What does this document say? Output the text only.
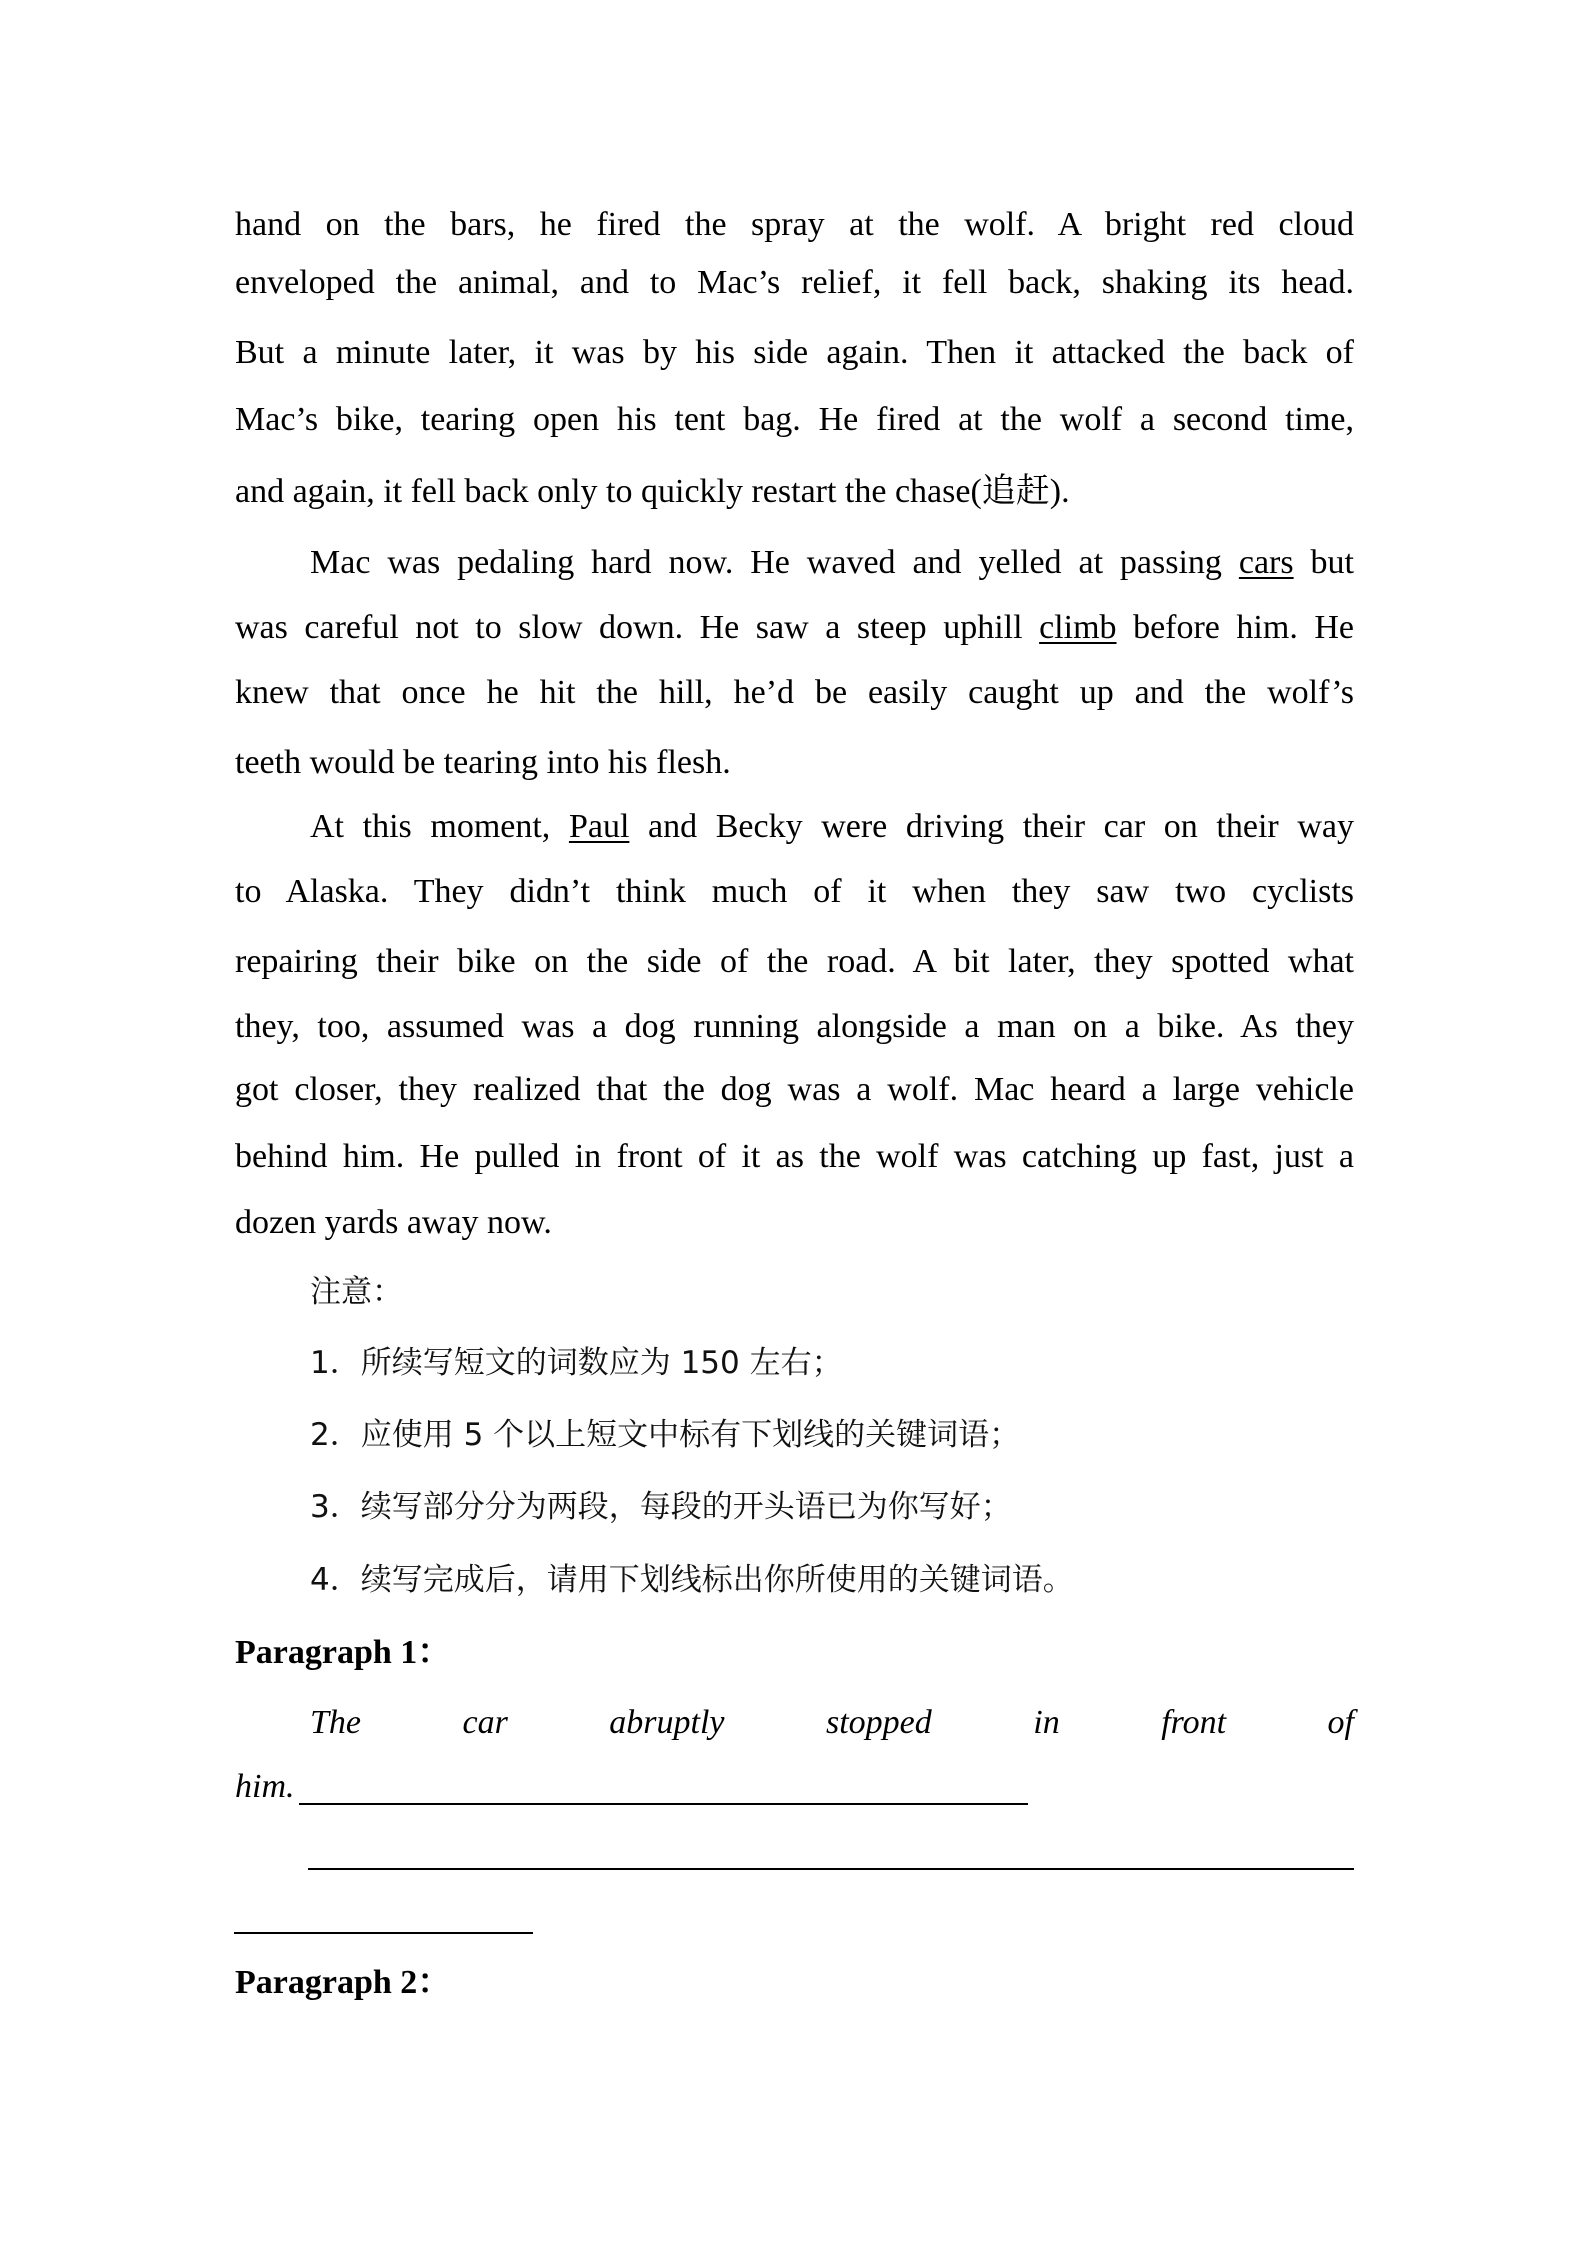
hand on the bars, he fired the spray at the wolf. A bright red cloud
enveloped the animal, and to Mac’s relief, it fell back, shaking its head.
But a minute later, it was by his side again. Then it attacked the back of
Mac’s bike, tearing open his tent bag. He fired at the wolf a second time,
and again, it fell back only to quickly restart the chase(追赶).
Mac was pedaling hard now. He waved and yelled at passing cars but
was careful not to slow down. He saw a steep uphill climb before him. He
knew that once he hit the hill, he’d be easily caught up and the wolf’s
teeth would be tearing into his flesh.
At this moment, Paul and Becky were driving their car on their way
to Alaska. They didn’t think much of it when they saw two cyclists
repairing their bike on the side of the road. A bit later, they spotted what
they, too, assumed was a dog running alongside a man on a bike. As they
got closer, they realized that the dog was a wolf. Mac heard a large vehicle
behind him. He pulled in front of it as the wolf was catching up fast, just a
dozen yards away now.
注意：
1．所续写短文的词数应为 150 左右；
2．应使用 5 个以上短文中标有下划线的关键词语；
3．续写部分分为两段，每段的开头语已为你写好；
4．续写完成后，请用下划线标出你所使用的关键词语。
Paragraph 1：
The car abruptly stopped in front of
him.
Paragraph 2：
